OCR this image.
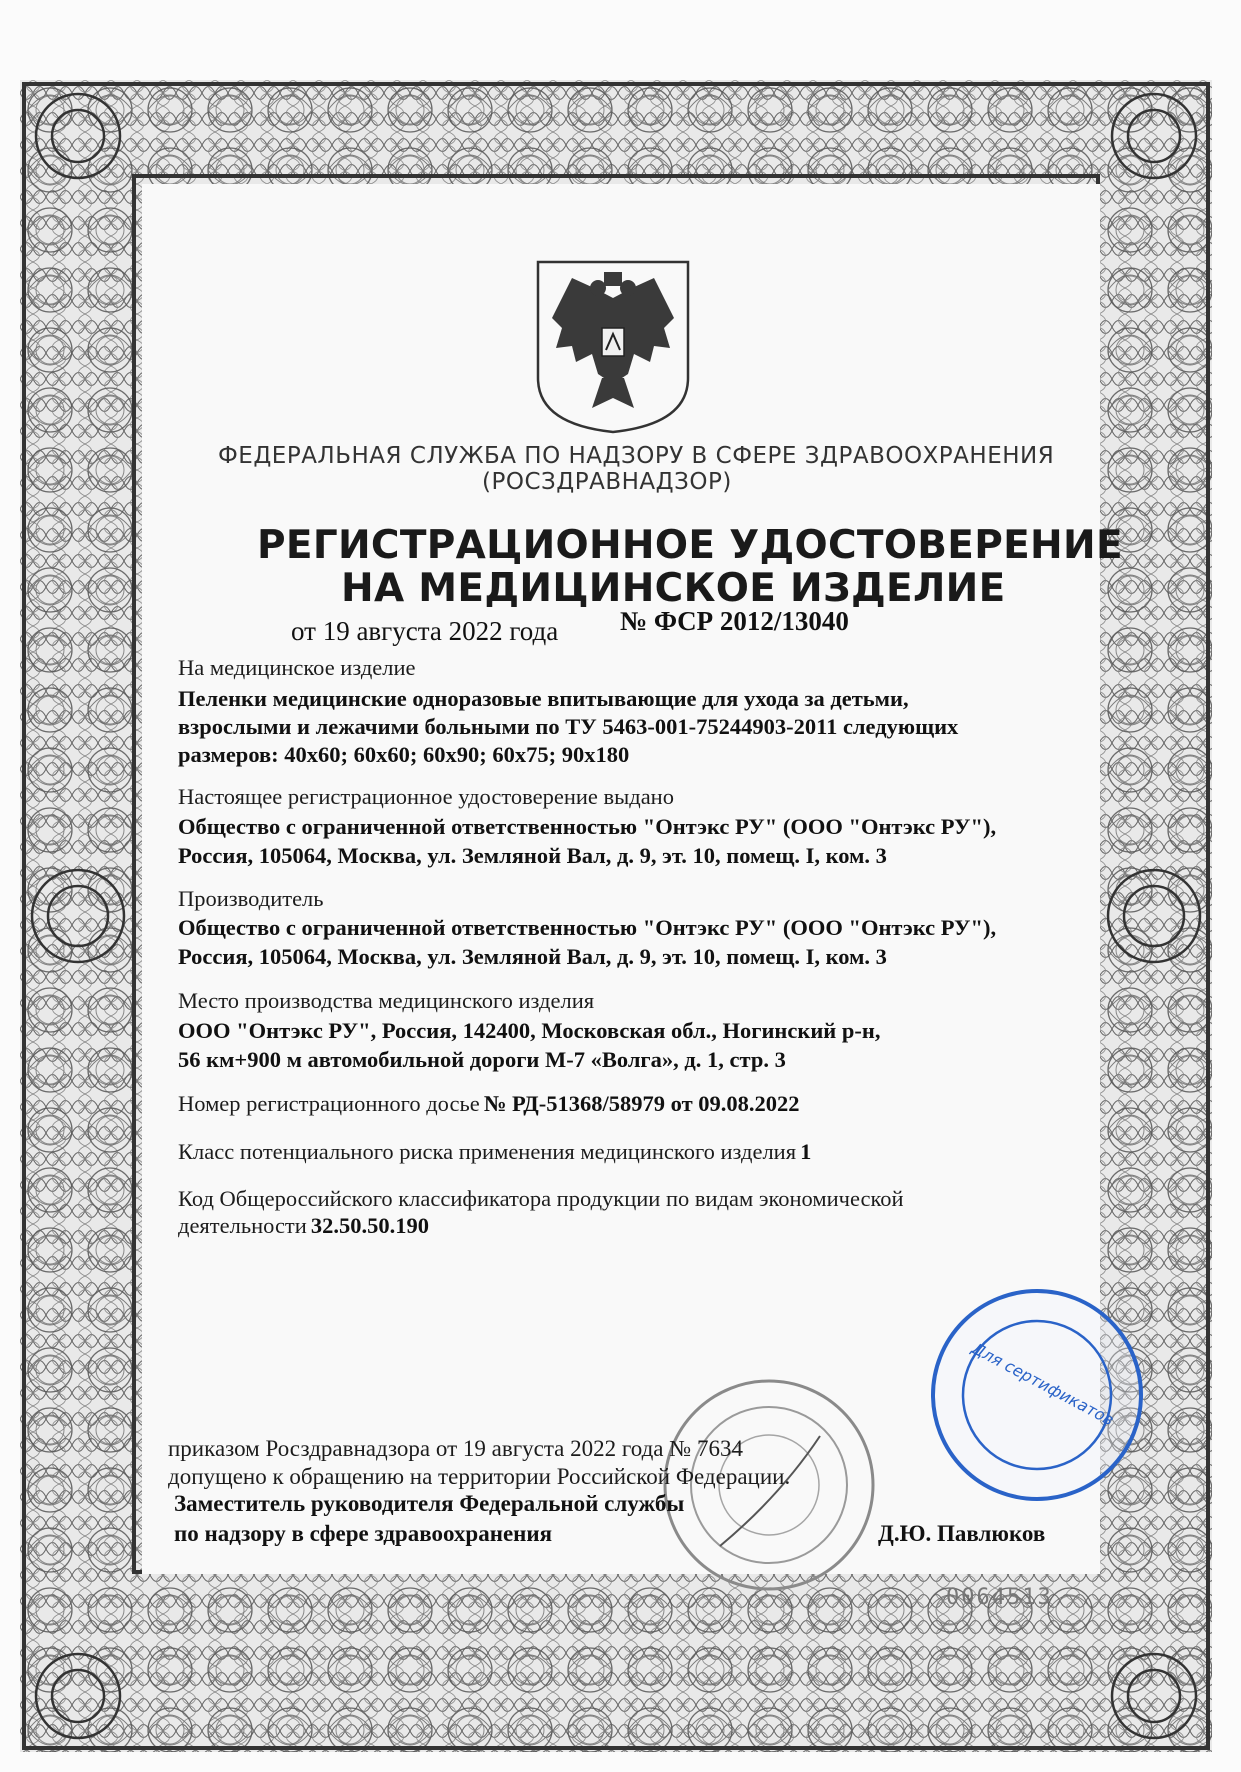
ФЕДЕРАЛЬНАЯ СЛУЖБА ПО НАДЗОРУ В СФЕРЕ ЗДРАВООХРАНЕНИЯ
(РОСЗДРАВНАДЗОР)
РЕГИСТРАЦИОННОЕ УДОСТОВЕРЕНИЕ
НА МЕДИЦИНСКОЕ ИЗДЕЛИЕ
от 19 августа 2022 года № ФСР 2012/13040
На медицинское изделие
Пеленки медицинские одноразовые впитывающие для ухода за детьми,
взрослыми и лежачими больными по ТУ 5463-001-75244903-2011 следующих
размеров: 40х60; 60х60; 60х90; 60х75; 90х180
Настоящее регистрационное удостоверение выдано
Общество с ограниченной ответственностью "Онтэкс РУ" (ООО "Онтэкс РУ"),
Россия, 105064, Москва, ул. Земляной Вал, д. 9, эт. 10, помещ. I, ком. 3
Производитель
Общество с ограниченной ответственностью "Онтэкс РУ" (ООО "Онтэкс РУ"),
Россия, 105064, Москва, ул. Земляной Вал, д. 9, эт. 10, помещ. I, ком. 3
Место производства медицинского изделия
ООО "Онтэкс РУ", Россия, 142400, Московская обл., Ногинский р-н,
56 км+900 м автомобильной дороги М-7 «Волга», д. 1, стр. 3
Номер регистрационного досье № РД-51368/58979 от 09.08.2022
Класс потенциального риска применения медицинского изделия 1
Код Общероссийского классификатора продукции по видам экономической
деятельности 32.50.50.190
Для сертификатов
приказом Росздравнадзора от 19 августа 2022 года № 7634
допущено к обращению на территории Российской Федерации.
Заместитель руководителя Федеральной службы
по надзору в сфере здравоохранения	Д.Ю. Павлюков
0064513
